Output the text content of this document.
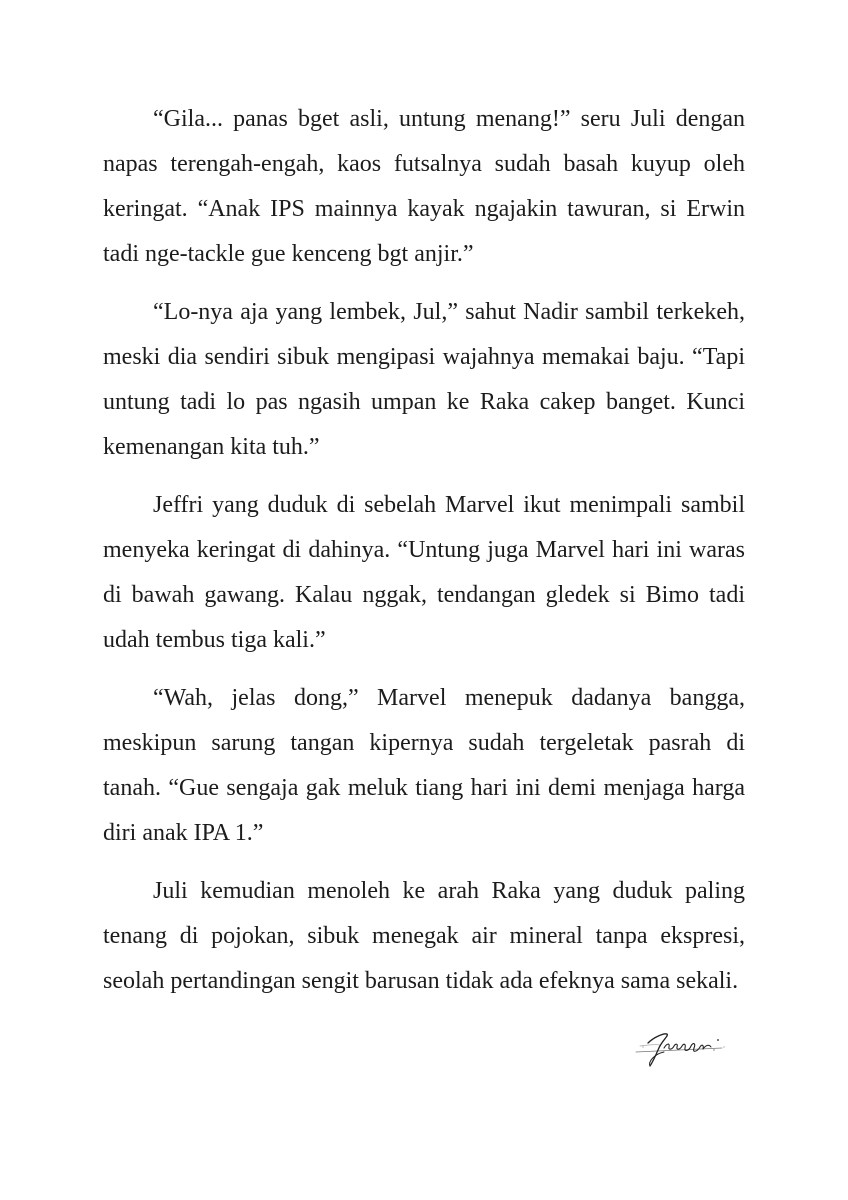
“Gila... panas bget asli, untung menang!” seru Juli dengan napas terengah-engah, kaos futsalnya sudah basah kuyup oleh keringat. “Anak IPS mainnya kayak ngajakin tawuran, si Erwin tadi nge-tackle gue kenceng bgt anjir.”

“Lo-nya aja yang lembek, Jul,” sahut Nadir sambil terkekeh, meski dia sendiri sibuk mengipasi wajahnya memakai baju. “Tapi untung tadi lo pas ngasih umpan ke Raka cakep banget. Kunci kemenangan kita tuh.”

Jeffri yang duduk di sebelah Marvel ikut menimpali sambil menyeka keringat di dahinya. “Untung juga Marvel hari ini waras di bawah gawang. Kalau nggak, tendangan gledek si Bimo tadi udah tembus tiga kali.”

“Wah, jelas dong,” Marvel menepuk dadanya bangga, meskipun sarung tangan kipernya sudah tergeletak pasrah di tanah. “Gue sengaja gak meluk tiang hari ini demi menjaga harga diri anak IPA 1.”

Juli kemudian menoleh ke arah Raka yang duduk paling tenang di pojokan, sibuk menegak air mineral tanpa ekspresi, seolah pertandingan sengit barusan tidak ada efeknya sama sekali.
